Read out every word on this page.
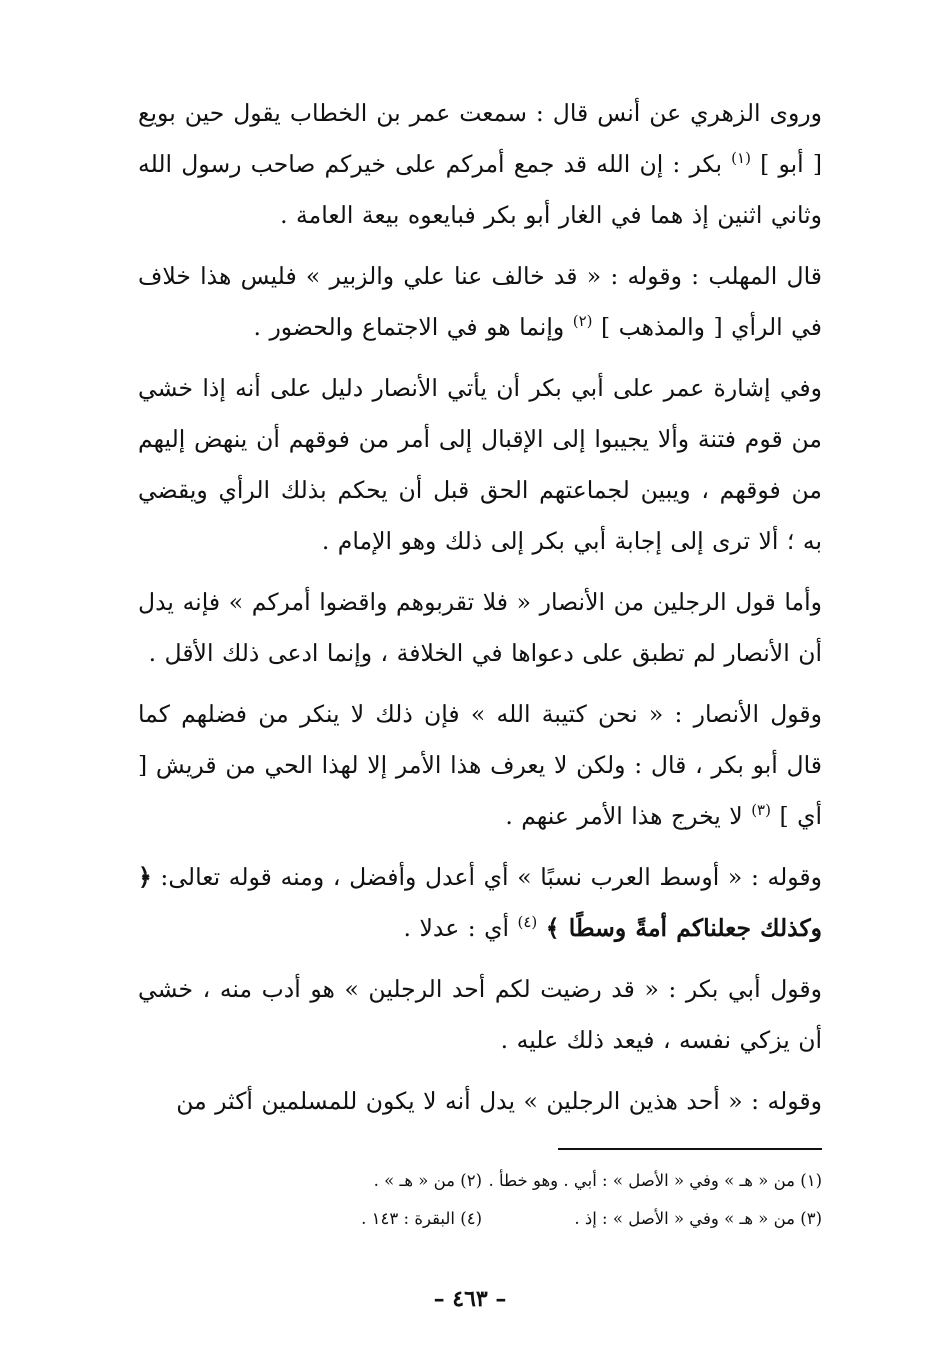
وروى الزهري عن أنس قال : سمعت عمر بن الخطاب يقول حين بويع [ أبو ] $^{(١)}$ بكر : إن الله قد جمع أمركم على خيركم صاحب رسول الله وثاني اثنين إذ هما في الغار أبو بكر فبايعوه بيعة العامة .

قال المهلب : وقوله : « قد خالف عنا علي والزبير » فليس هذا خلاف في الرأي [ والمذهب ] $^{(٢)}$ وإنما هو في الاجتماع والحضور .

وفي إشارة عمر على أبي بكر أن يأتي الأنصار دليل على أنه إذا خشي من قوم فتنة وألا يجيبوا إلى الإقبال إلى أمر من فوقهم أن ينهض إليهم من فوقهم ، ويبين لجماعتهم الحق قبل أن يحكم بذلك الرأي ويقضي به ؛ ألا ترى إلى إجابة أبي بكر إلى ذلك وهو الإمام .

وأما قول الرجلين من الأنصار « فلا تقربوهم واقضوا أمركم » فإنه يدل أن الأنصار لم تطبق على دعواها في الخلافة ، وإنما ادعى ذلك الأقل .

وقول الأنصار : « نحن كتيبة الله » فإن ذلك لا ينكر من فضلهم كما قال أبو بكر ، قال : ولكن لا يعرف هذا الأمر إلا لهذا الحي من قريش [ أي ] $^{(٣)}$ لا يخرج هذا الأمر عنهم .

وقوله : « أوسط العرب نسبًا » أي أعدل وأفضل ، ومنه قوله تعالى: ﴿ وكذلك جعلناكم أمةً وسطًا ﴾ $^{(٤)}$ أي : عدلا .

وقول أبي بكر : « قد رضيت لكم أحد الرجلين » هو أدب منه ، خشي أن يزكي نفسه ، فيعد ذلك عليه .

وقوله : « أحد هذين الرجلين » يدل أنه لا يكون للمسلمين أكثر من

(١) من « هـ » وفي « الأصل » : أبي . وهو خطأ .
(٢) من « هـ » .
(٣) من « هـ » وفي « الأصل » : إذ .
(٤) البقرة : ١٤٣ .
– ٤٦٣ –
